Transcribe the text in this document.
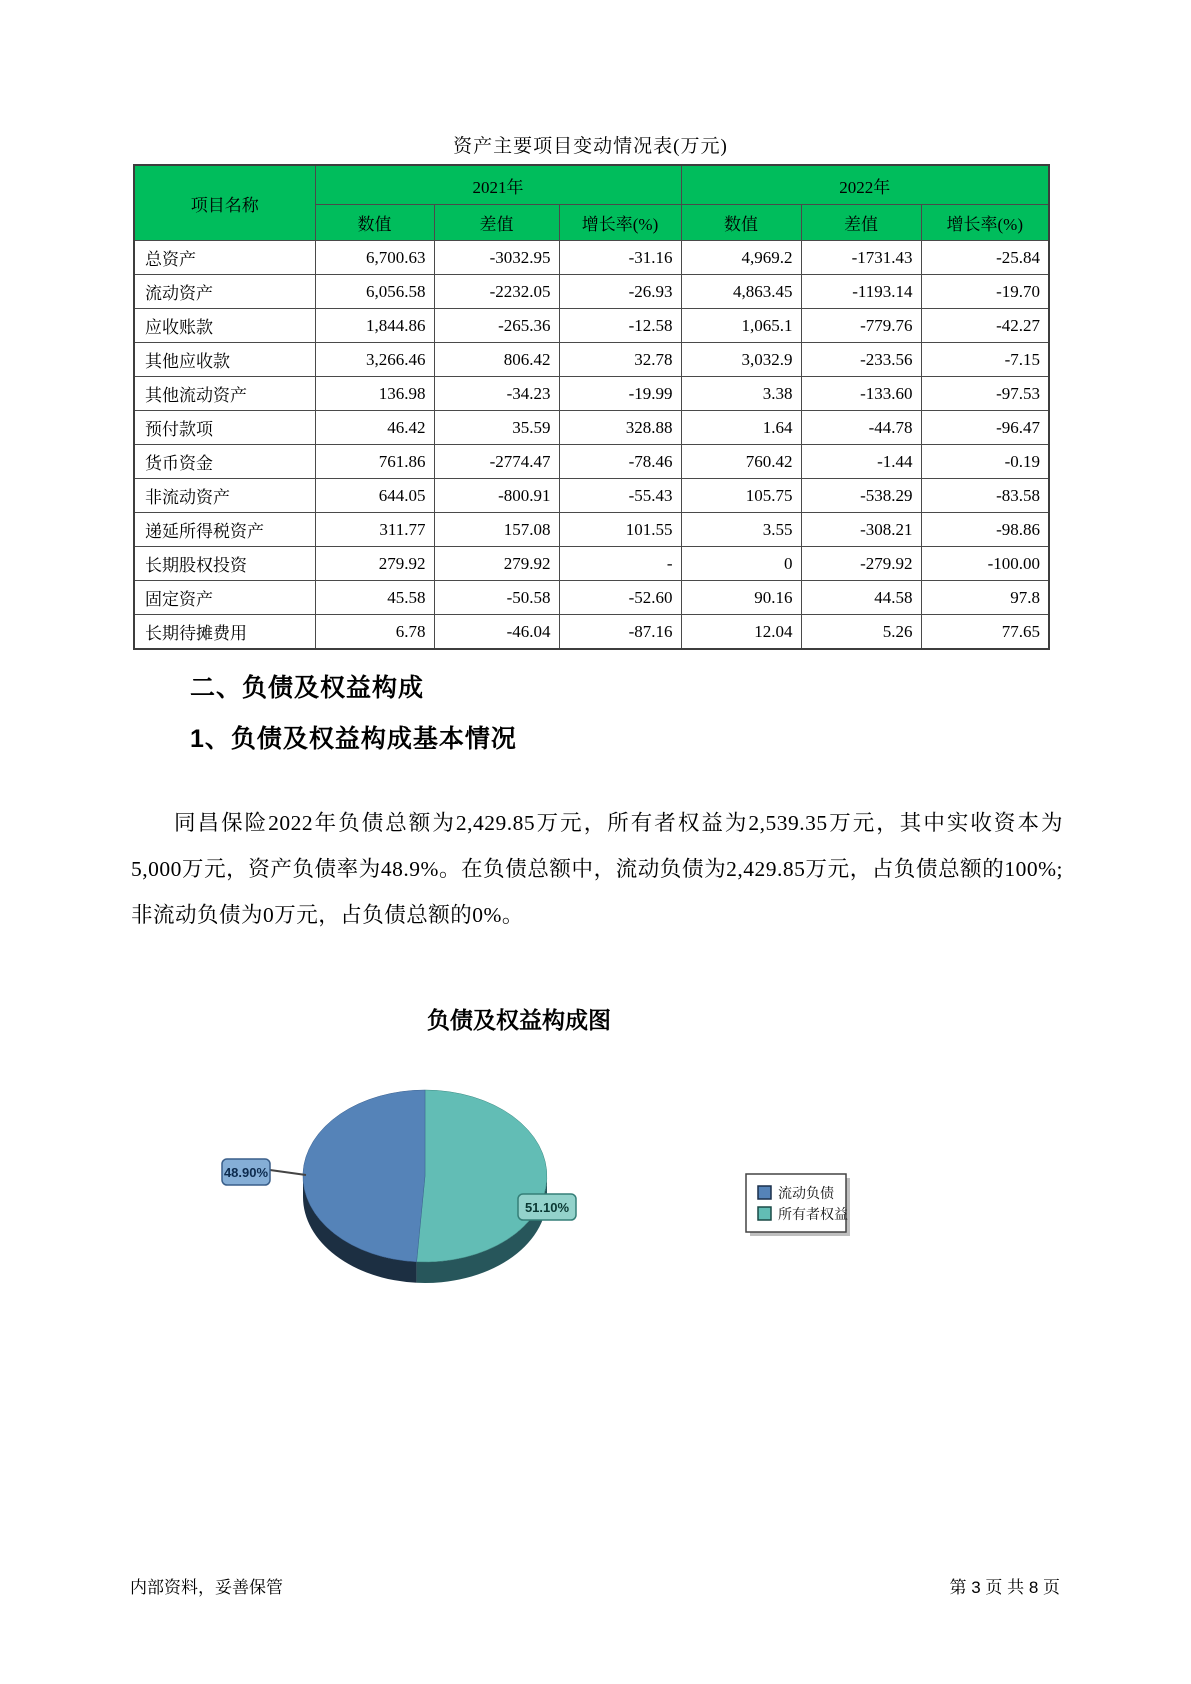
资产主要项目变动情况表(万元)
项目名称	2021年			2022年		
	数值	差值	增长率(%)	数值	差值	增长率(%)
总资产	6,700.63	-3032.95	-31.16	4,969.2	-1731.43	-25.84
流动资产	6,056.58	-2232.05	-26.93	4,863.45	-1193.14	-19.70
应收账款	1,844.86	-265.36	-12.58	1,065.1	-779.76	-42.27
其他应收款	3,266.46	806.42	32.78	3,032.9	-233.56	-7.15
其他流动资产	136.98	-34.23	-19.99	3.38	-133.60	-97.53
预付款项	46.42	35.59	328.88	1.64	-44.78	-96.47
货币资金	761.86	-2774.47	-78.46	760.42	-1.44	-0.19
非流动资产	644.05	-800.91	-55.43	105.75	-538.29	-83.58
递延所得税资产	311.77	157.08	101.55	3.55	-308.21	-98.86
长期股权投资	279.92	279.92	-	0	-279.92	-100.00
固定资产	45.58	-50.58	-52.60	90.16	44.58	97.8
长期待摊费用	6.78	-46.04	-87.16	12.04	5.26	77.65
二、负债及权益构成
1、负债及权益构成基本情况

同昌保险2022年负债总额为2,429.85万元，所有者权益为2,539.35万元，其中实收资本为5,000万元，资产负债率为48.9%。在负债总额中，流动负债为2,429.85万元，占负债总额的100%; 非流动负债为0万元，占负债总额的0%。

负债及权益构成图
48.90%
51.10%
流动负债
所有者权益
内部资料，妥善保管	第 3 页 共 8 页
